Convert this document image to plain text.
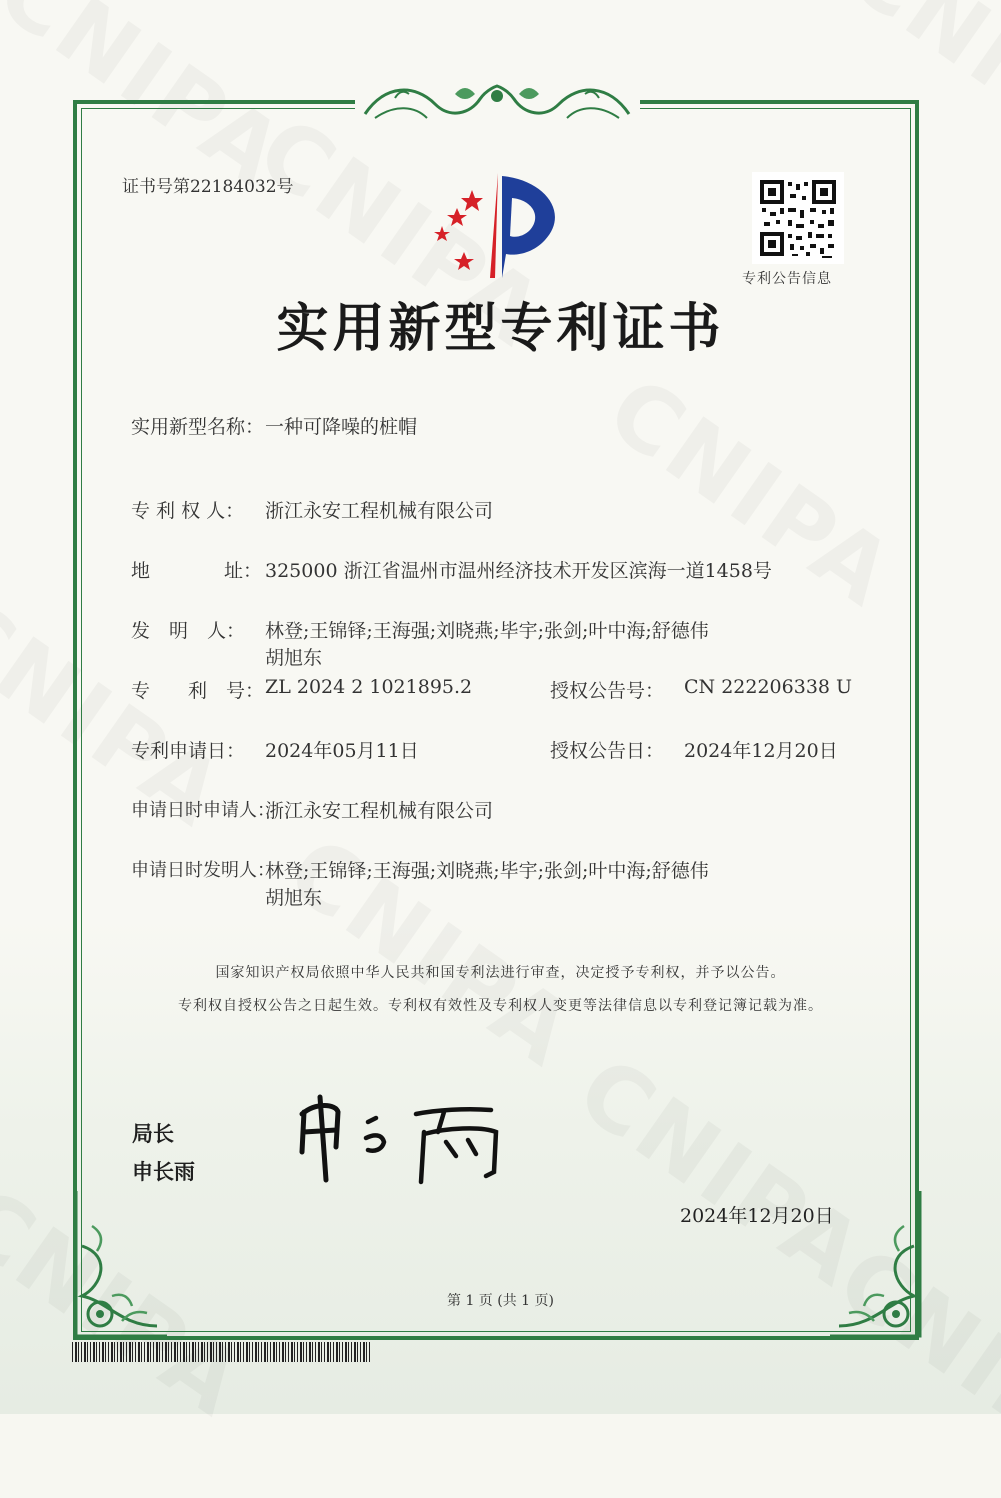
证书号第22184032号
专利公告信息
实用新型专利证书
实用新型名称： 一种可降噪的桩帽
专 利 权 人： 浙江永安工程机械有限公司
地	址： 325000 浙江省温州市温州经济技术开发区滨海一道1458号
发　明　人： 林登;王锦铎;王海强;刘晓燕;毕宇;张剑;叶中海;舒德伟
胡旭东
专　　利　号： ZL 2024 2 1021895.2	授权公告号： CN 222206338 U
专利申请日： 2024年05月11日	授权公告日： 2024年12月20日
申请日时申请人：
浙江永安工程机械有限公司
申请日时发明人：
林登;王锦铎;王海强;刘晓燕;毕宇;张剑;叶中海;舒德伟
胡旭东
国家知识产权局依照中华人民共和国专利法进行审查，决定授予专利权，并予以公告。
专利权自授权公告之日起生效。专利权有效性及专利权人变更等法律信息以专利登记簿记载为准。
局长
申长雨
2024年12月20日
第 1 页 (共 1 页)
